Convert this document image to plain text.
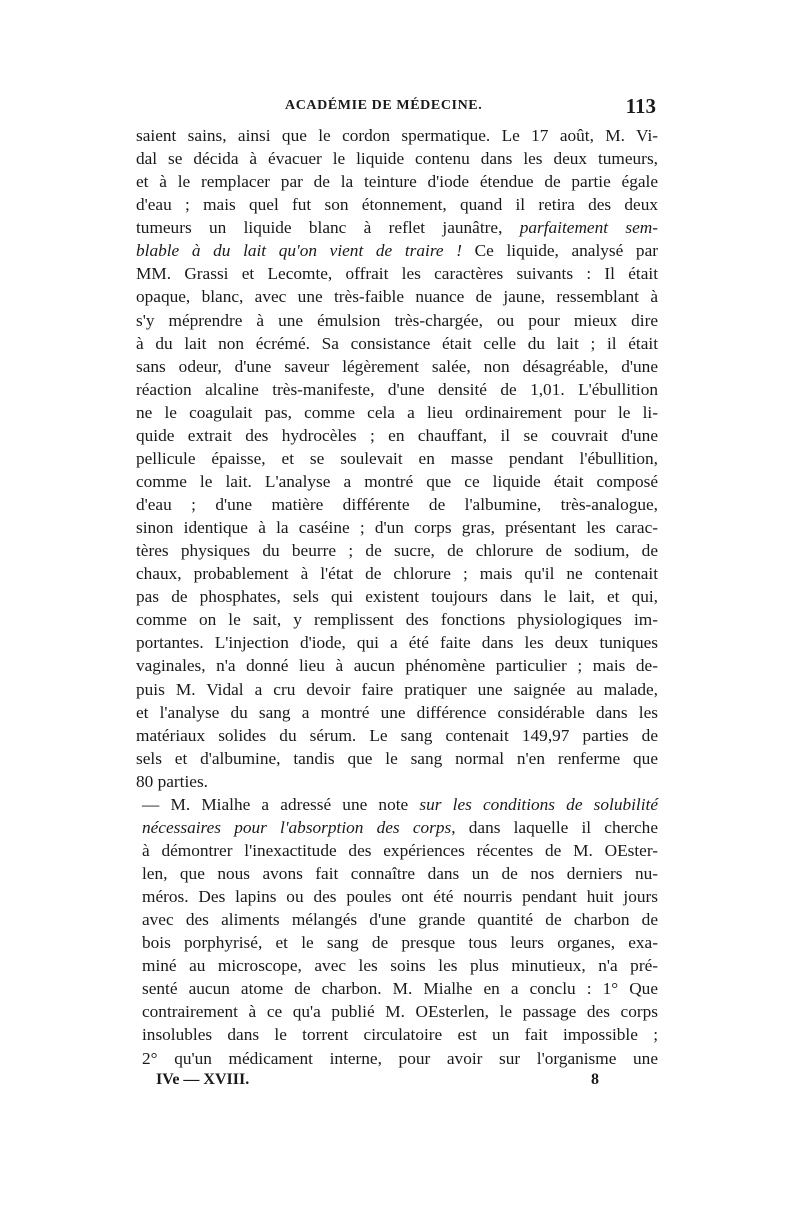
ACADÉMIE DE MÉDECINE.	113

saient sains, ainsi que le cordon spermatique. Le 17 août, M. Vi-
dal se décida à évacuer le liquide contenu dans les deux tumeurs,
et à le remplacer par de la teinture d'iode étendue de partie égale
d'eau ; mais quel fut son étonnement, quand il retira des deux
tumeurs un liquide blanc à reflet jaunâtre, parfaitement sem-
blable à du lait qu'on vient de traire ! Ce liquide, analysé par
MM. Grassi et Lecomte, offrait les caractères suivants : Il était
opaque, blanc, avec une très-faible nuance de jaune, ressemblant à
s'y méprendre à une émulsion très-chargée, ou pour mieux dire
à du lait non écrémé. Sa consistance était celle du lait ; il était
sans odeur, d'une saveur légèrement salée, non désagréable, d'une
réaction alcaline très-manifeste, d'une densité de 1,01. L'ébullition
ne le coagulait pas, comme cela a lieu ordinairement pour le li-
quide extrait des hydrocèles ; en chauffant, il se couvrait d'une
pellicule épaisse, et se soulevait en masse pendant l'ébullition,
comme le lait. L'analyse a montré que ce liquide était composé
d'eau ; d'une matière différente de l'albumine, très-analogue,
sinon identique à la caséine ; d'un corps gras, présentant les carac-
tères physiques du beurre ; de sucre, de chlorure de sodium, de
chaux, probablement à l'état de chlorure ; mais qu'il ne contenait
pas de phosphates, sels qui existent toujours dans le lait, et qui,
comme on le sait, y remplissent des fonctions physiologiques im-
portantes. L'injection d'iode, qui a été faite dans les deux tuniques
vaginales, n'a donné lieu à aucun phénomène particulier ; mais de-
puis M. Vidal a cru devoir faire pratiquer une saignée au malade,
et l'analyse du sang a montré une différence considérable dans les
matériaux solides du sérum. Le sang contenait 149,97 parties de
sels et d'albumine, tandis que le sang normal n'en renferme que
80 parties.

— M. Mialhe a adressé une note sur les conditions de solubilité
nécessaires pour l'absorption des corps, dans laquelle il cherche
à démontrer l'inexactitude des expériences récentes de M. OEster-
len, que nous avons fait connaître dans un de nos derniers nu-
méros. Des lapins ou des poules ont été nourris pendant huit jours
avec des aliments mélangés d'une grande quantité de charbon de
bois porphyrisé, et le sang de presque tous leurs organes, exa-
miné au microscope, avec les soins les plus minutieux, n'a pré-
senté aucun atome de charbon. M. Mialhe en a conclu : 1° Que
contrairement à ce qu'a publié M. OEsterlen, le passage des corps
insolubles dans le torrent circulatoire est un fait impossible ;
2° qu'un médicament interne, pour avoir sur l'organisme une

IVe — XVIII.	8
